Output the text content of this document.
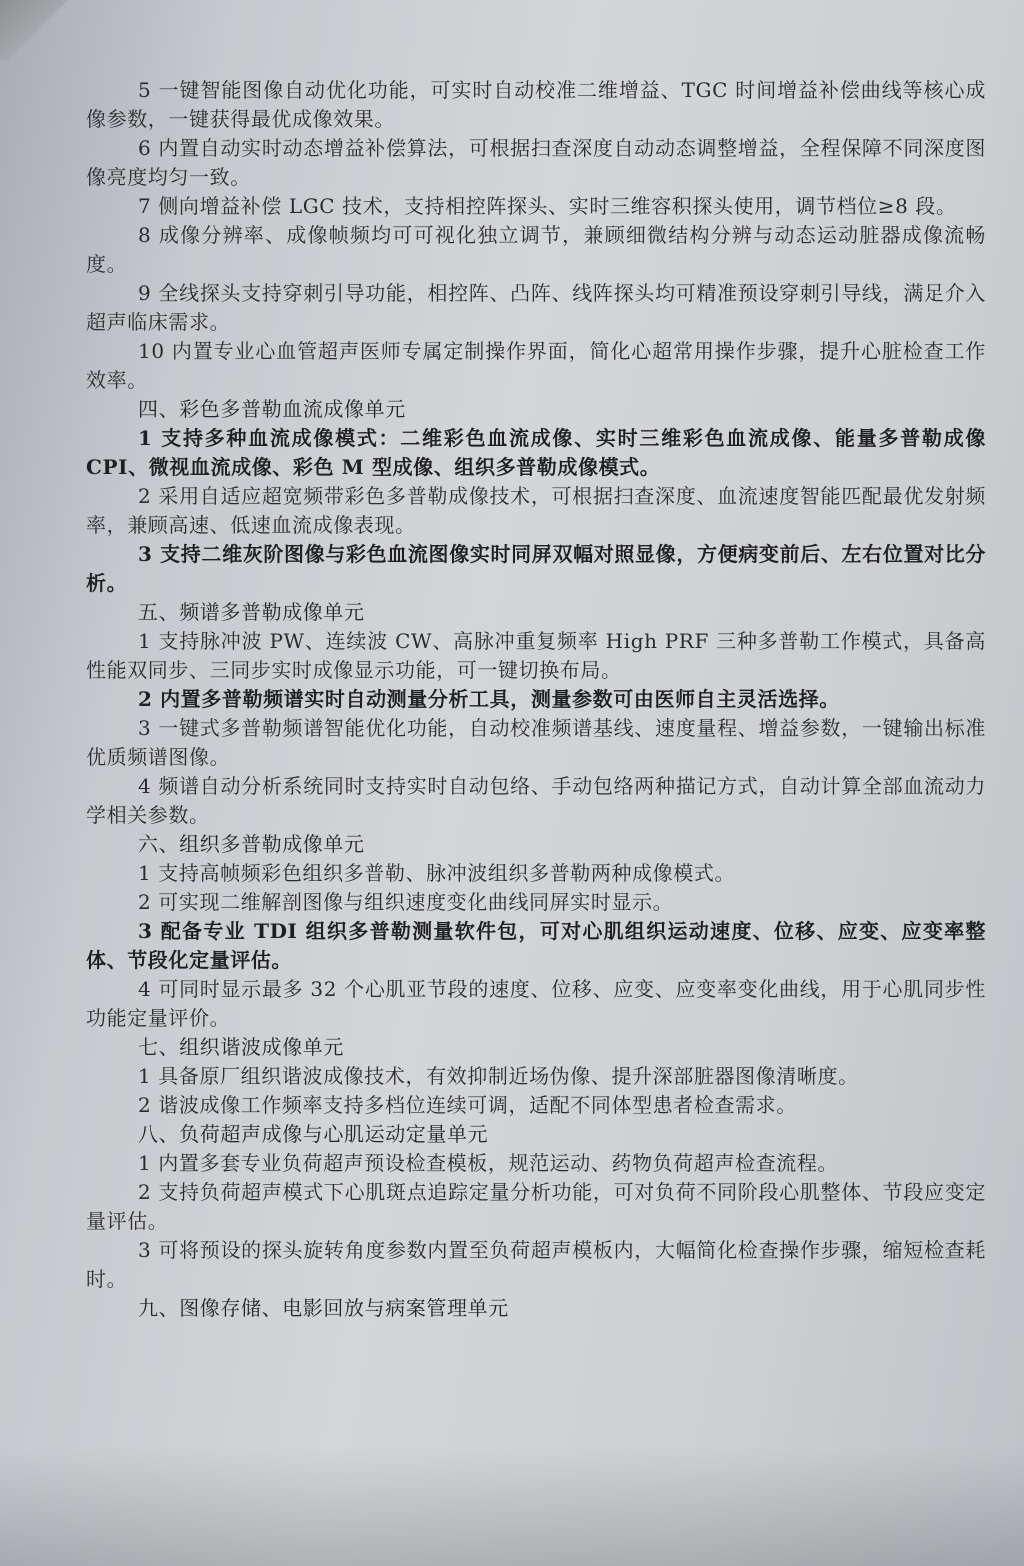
5 一键智能图像自动优化功能，可实时自动校准二维增益、TGC 时间增益补偿曲线等核心成像参数，一键获得最优成像效果。

6 内置自动实时动态增益补偿算法，可根据扫查深度自动动态调整增益，全程保障不同深度图像亮度均匀一致。

7 侧向增益补偿 LGC 技术，支持相控阵探头、实时三维容积探头使用，调节档位≥8 段。

8 成像分辨率、成像帧频均可可视化独立调节，兼顾细微结构分辨与动态运动脏器成像流畅度。

9 全线探头支持穿刺引导功能，相控阵、凸阵、线阵探头均可精准预设穿刺引导线，满足介入超声临床需求。

10 内置专业心血管超声医师专属定制操作界面，简化心超常用操作步骤，提升心脏检查工作效率。

四、彩色多普勒血流成像单元

1 支持多种血流成像模式：二维彩色血流成像、实时三维彩色血流成像、能量多普勒成像 CPI、微视血流成像、彩色 M 型成像、组织多普勒成像模式。

2 采用自适应超宽频带彩色多普勒成像技术，可根据扫查深度、血流速度智能匹配最优发射频率，兼顾高速、低速血流成像表现。

3 支持二维灰阶图像与彩色血流图像实时同屏双幅对照显像，方便病变前后、左右位置对比分析。

五、频谱多普勒成像单元

1 支持脉冲波 PW、连续波 CW、高脉冲重复频率 High PRF 三种多普勒工作模式，具备高性能双同步、三同步实时成像显示功能，可一键切换布局。

2 内置多普勒频谱实时自动测量分析工具，测量参数可由医师自主灵活选择。

3 一键式多普勒频谱智能优化功能，自动校准频谱基线、速度量程、增益参数，一键输出标准优质频谱图像。

4 频谱自动分析系统同时支持实时自动包络、手动包络两种描记方式，自动计算全部血流动力学相关参数。

六、组织多普勒成像单元

1 支持高帧频彩色组织多普勒、脉冲波组织多普勒两种成像模式。

2 可实现二维解剖图像与组织速度变化曲线同屏实时显示。

3 配备专业 TDI 组织多普勒测量软件包，可对心肌组织运动速度、位移、应变、应变率整体、节段化定量评估。

4 可同时显示最多 32 个心肌亚节段的速度、位移、应变、应变率变化曲线，用于心肌同步性功能定量评价。

七、组织谐波成像单元

1 具备原厂组织谐波成像技术，有效抑制近场伪像、提升深部脏器图像清晰度。

2 谐波成像工作频率支持多档位连续可调，适配不同体型患者检查需求。

八、负荷超声成像与心肌运动定量单元

1 内置多套专业负荷超声预设检查模板，规范运动、药物负荷超声检查流程。

2 支持负荷超声模式下心肌斑点追踪定量分析功能，可对负荷不同阶段心肌整体、节段应变定量评估。

3 可将预设的探头旋转角度参数内置至负荷超声模板内，大幅简化检查操作步骤，缩短检查耗时。

九、图像存储、电影回放与病案管理单元
